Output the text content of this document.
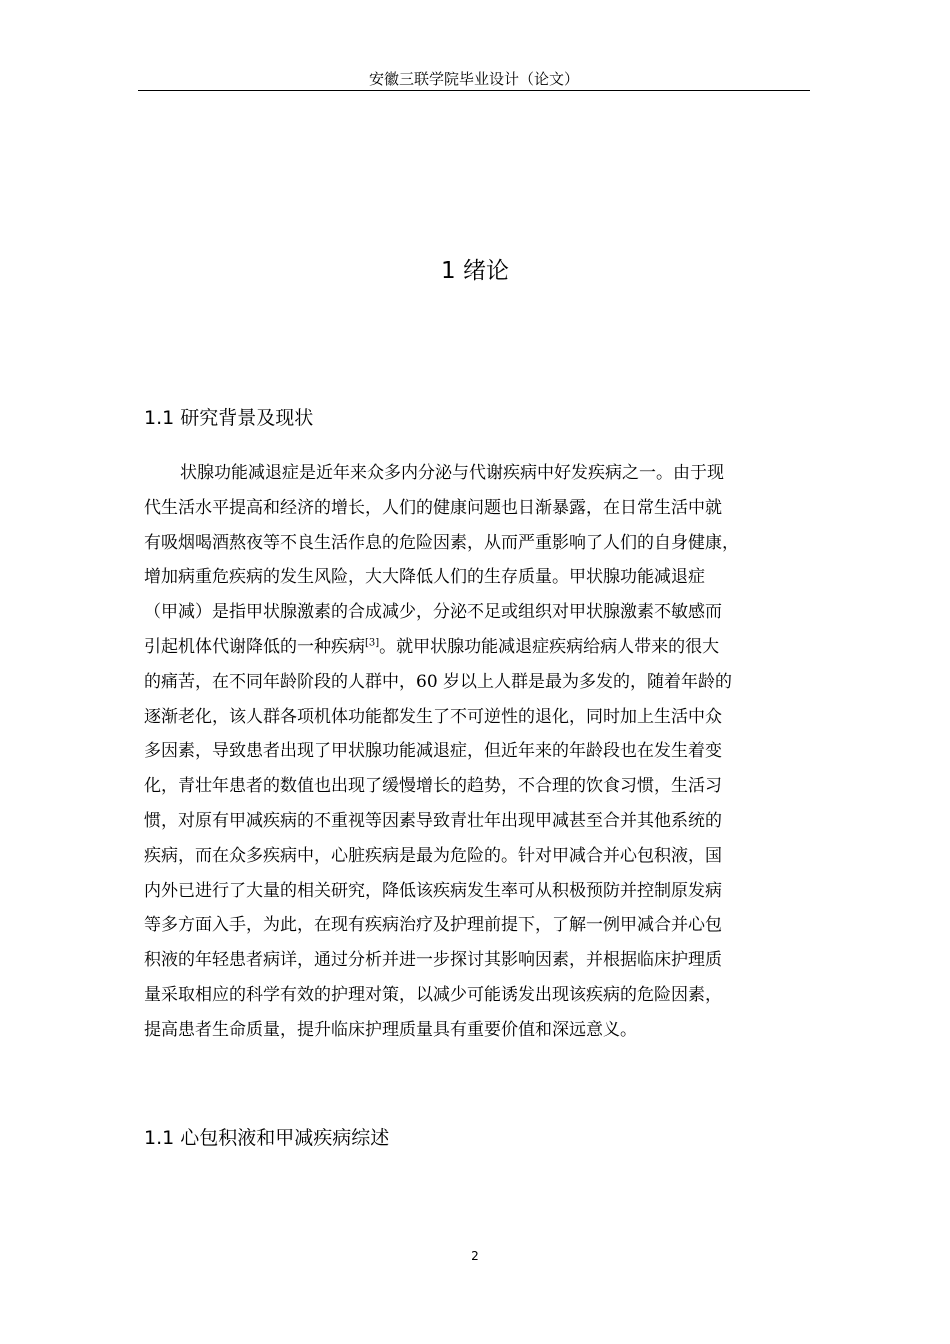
安徽三联学院毕业设计（论文）
1 绪论
1.1 研究背景及现状

状腺功能减退症是近年来众多内分泌与代谢疾病中好发疾病之一。由于现
代生活水平提高和经济的增长，人们的健康问题也日渐暴露，在日常生活中就
有吸烟喝酒熬夜等不良生活作息的危险因素，从而严重影响了人们的自身健康，
增加病重危疾病的发生风险，大大降低人们的生存质量。甲状腺功能减退症
（甲减）是指甲状腺激素的合成减少，分泌不足或组织对甲状腺激素不敏感而
引起机体代谢降低的一种疾病[3]。就甲状腺功能减退症疾病给病人带来的很大
的痛苦，在不同年龄阶段的人群中，60 岁以上人群是最为多发的，随着年龄的
逐渐老化，该人群各项机体功能都发生了不可逆性的退化，同时加上生活中众
多因素，导致患者出现了甲状腺功能减退症，但近年来的年龄段也在发生着变
化，青壮年患者的数值也出现了缓慢增长的趋势，不合理的饮食习惯，生活习
惯，对原有甲减疾病的不重视等因素导致青壮年出现甲减甚至合并其他系统的
疾病，而在众多疾病中，心脏疾病是最为危险的。针对甲减合并心包积液，国
内外已进行了大量的相关研究，降低该疾病发生率可从积极预防并控制原发病
等多方面入手，为此，在现有疾病治疗及护理前提下，了解一例甲减合并心包
积液的年轻患者病详，通过分析并进一步探讨其影响因素，并根据临床护理质
量采取相应的科学有效的护理对策，以减少可能诱发出现该疾病的危险因素，
提高患者生命质量，提升临床护理质量具有重要价值和深远意义。

1.1 心包积液和甲减疾病综述
2
